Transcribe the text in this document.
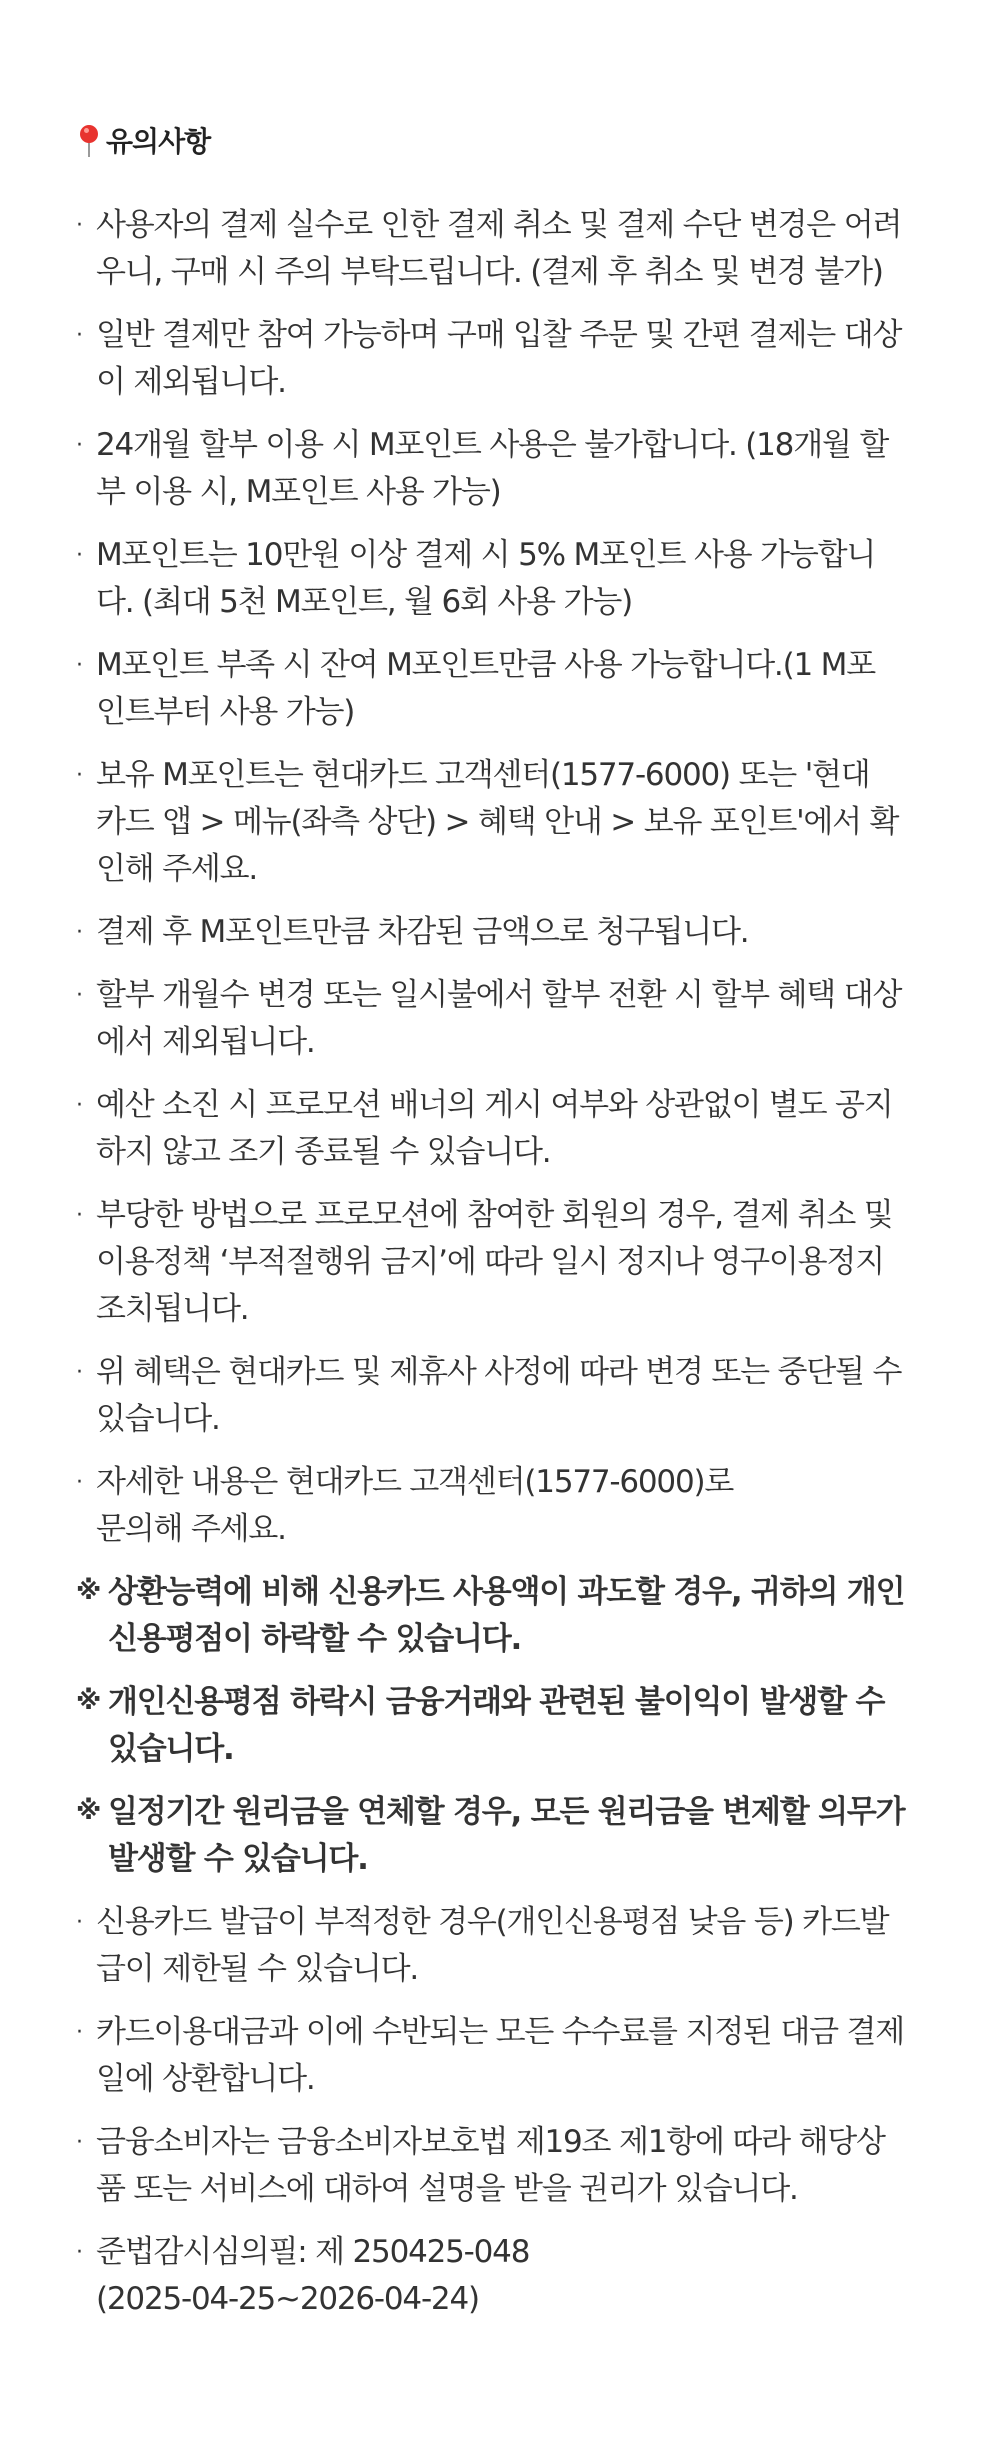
유의사항
· 사용자의 결제 실수로 인한 결제 취소 및 결제 수단 변경은 어려
우니, 구매 시 주의 부탁드립니다. (결제 후 취소 및 변경 불가)
· 일반 결제만 참여 가능하며 구매 입찰 주문 및 간편 결제는 대상
이 제외됩니다.
· 24개월 할부 이용 시 M포인트 사용은 불가합니다. (18개월 할
부 이용 시, M포인트 사용 가능)
· M포인트는 10만원 이상 결제 시 5% M포인트 사용 가능합니
다. (최대 5천 M포인트, 월 6회 사용 가능)
· M포인트 부족 시 잔여 M포인트만큼 사용 가능합니다.(1 M포
인트부터 사용 가능)
· 보유 M포인트는 현대카드 고객센터(1577-6000) 또는 '현대
카드 앱 > 메뉴(좌측 상단) > 혜택 안내 > 보유 포인트'에서 확
인해 주세요.
· 결제 후 M포인트만큼 차감된 금액으로 청구됩니다.
· 할부 개월수 변경 또는 일시불에서 할부 전환 시 할부 혜택 대상
에서 제외됩니다.
· 예산 소진 시 프로모션 배너의 게시 여부와 상관없이 별도 공지
하지 않고 조기 종료될 수 있습니다.
· 부당한 방법으로 프로모션에 참여한 회원의 경우, 결제 취소 및
이용정책 ‘부적절행위 금지’에 따라 일시 정지나 영구이용정지
조치됩니다.
· 위 혜택은 현대카드 및 제휴사 사정에 따라 변경 또는 중단될 수
있습니다.
· 자세한 내용은 현대카드 고객센터(1577-6000)로
문의해 주세요.
※ 상환능력에 비해 신용카드 사용액이 과도할 경우, 귀하의 개인
신용평점이 하락할 수 있습니다.
※ 개인신용평점 하락시 금융거래와 관련된 불이익이 발생할 수
있습니다.
※ 일정기간 원리금을 연체할 경우, 모든 원리금을 변제할 의무가
발생할 수 있습니다.
· 신용카드 발급이 부적정한 경우(개인신용평점 낮음 등) 카드발
급이 제한될 수 있습니다.
· 카드이용대금과 이에 수반되는 모든 수수료를 지정된 대금 결제
일에 상환합니다.
· 금융소비자는 금융소비자보호법 제19조 제1항에 따라 해당상
품 또는 서비스에 대하여 설명을 받을 권리가 있습니다.
· 준법감시심의필: 제 250425-048
(2025-04-25~2026-04-24)
